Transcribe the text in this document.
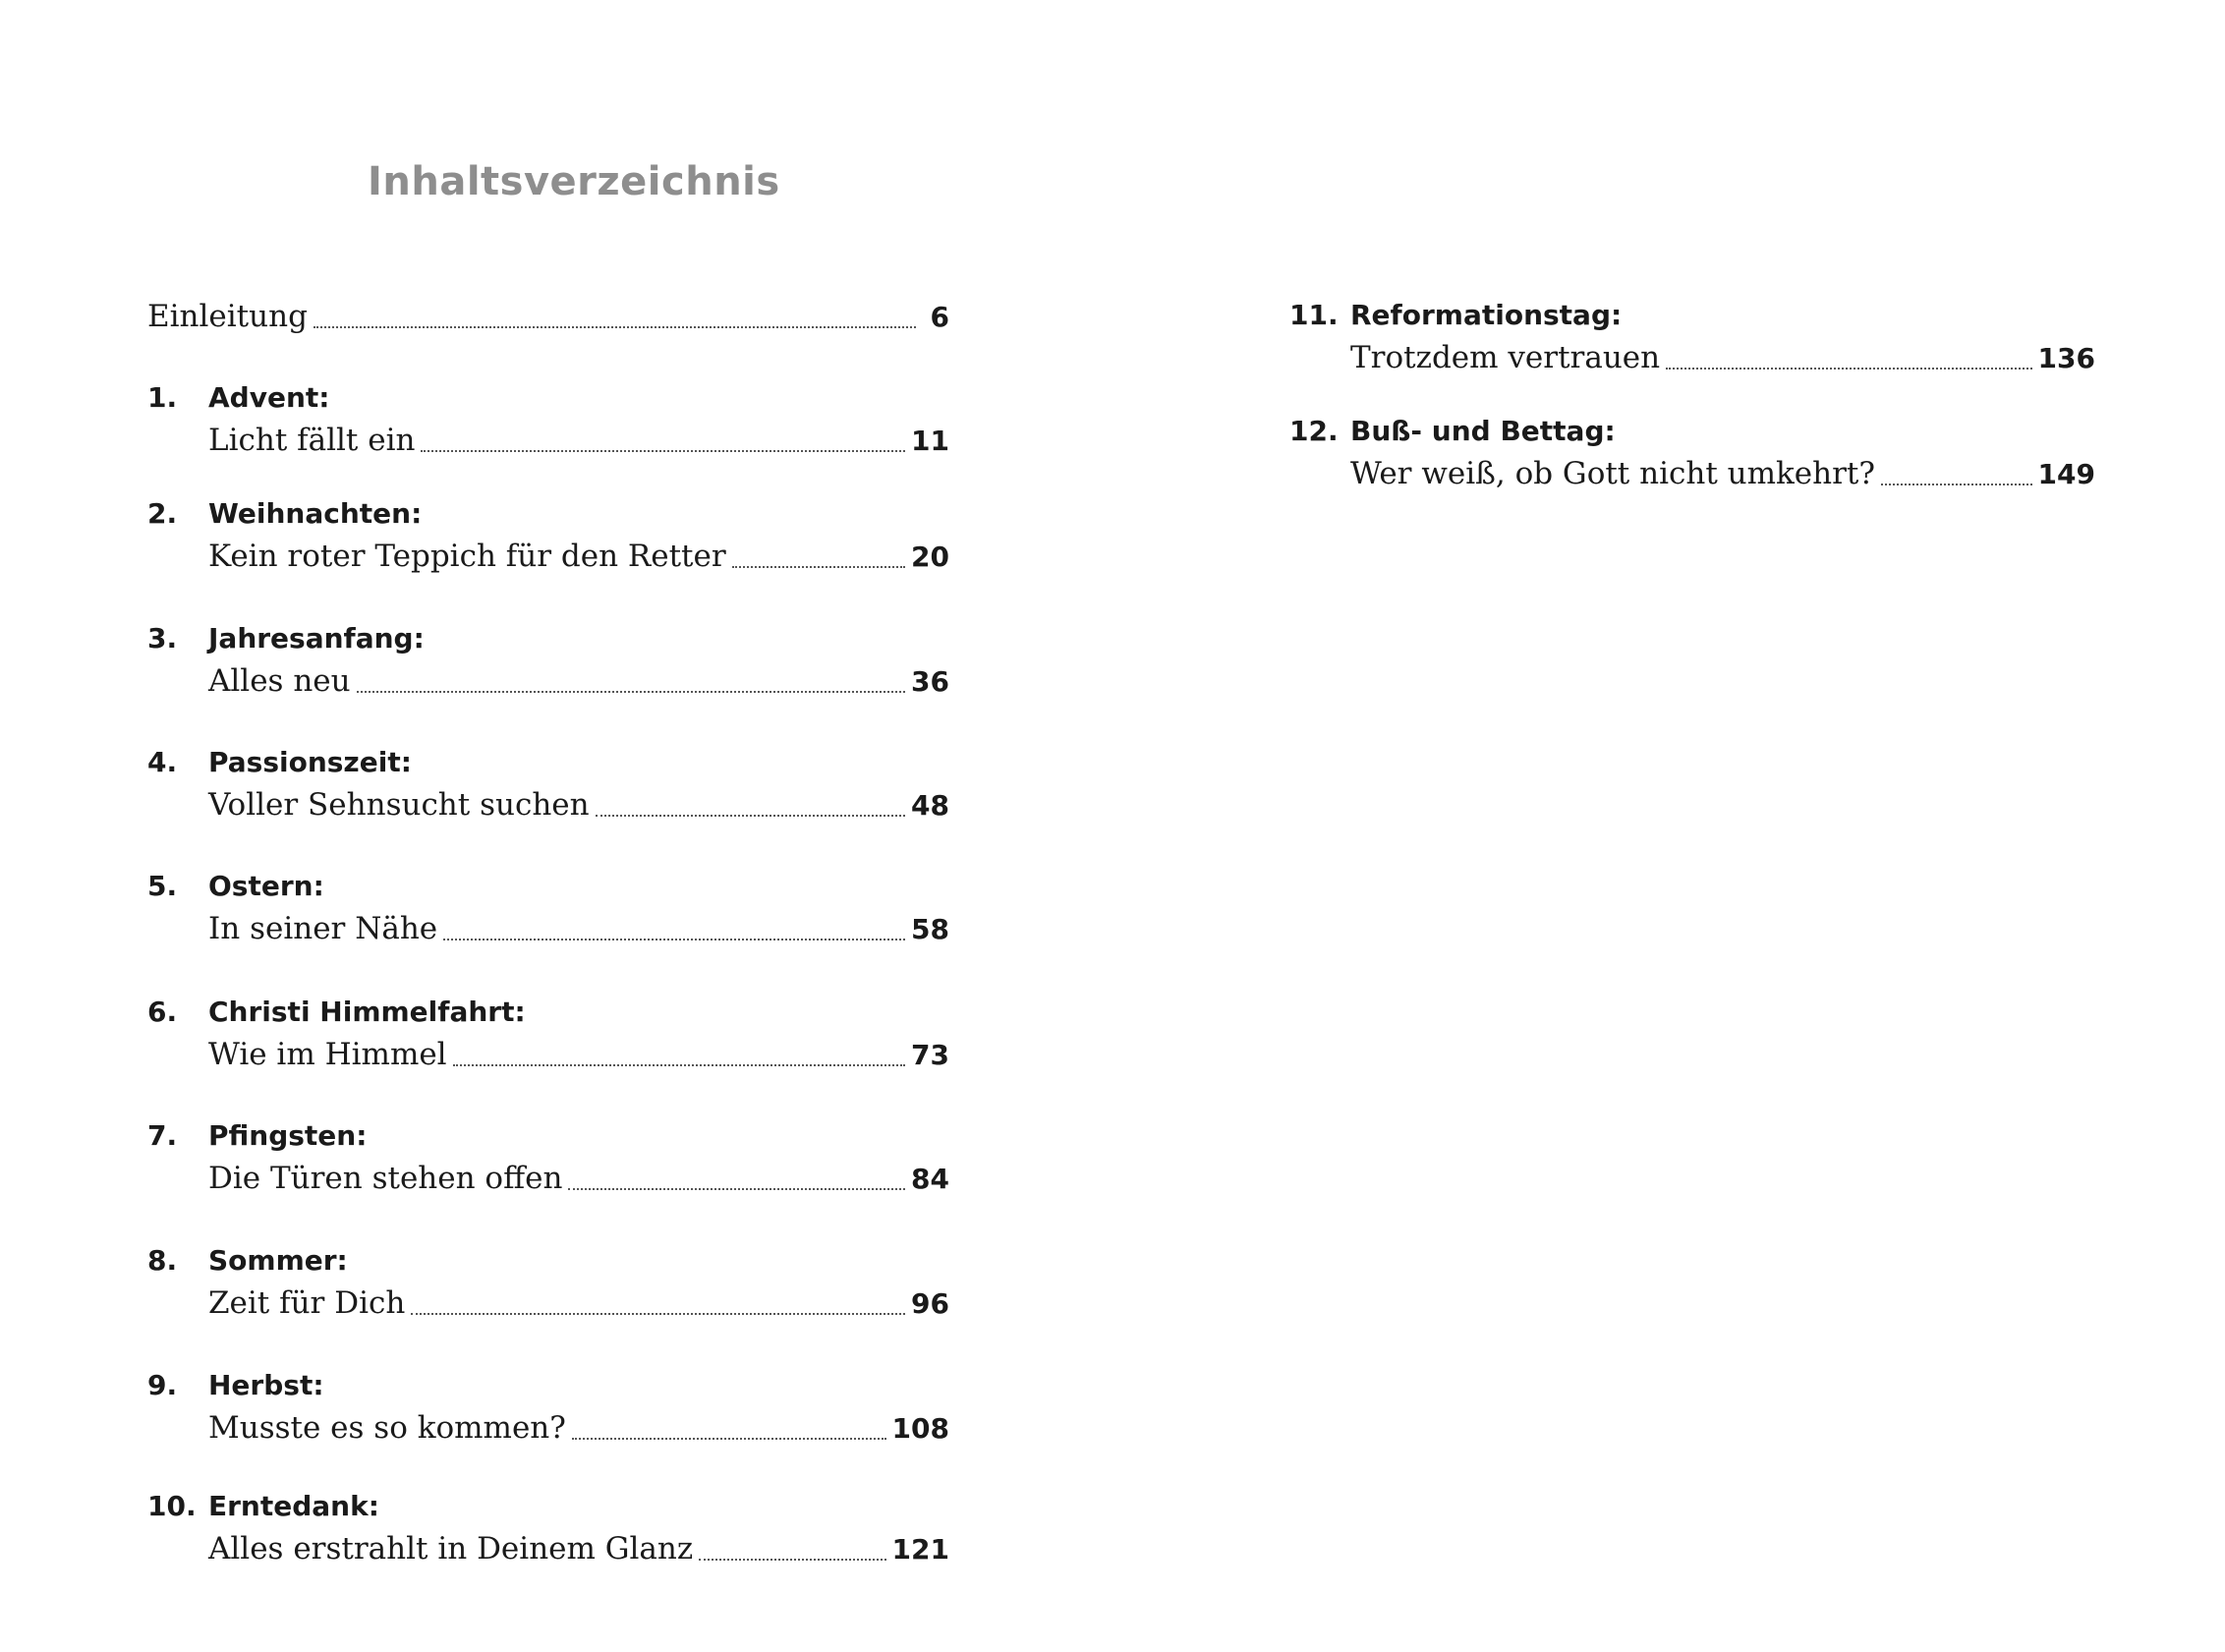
Inhaltsverzeichnis
Einleitung	6
1. Advent:
Licht fällt ein	11
2. Weihnachten:
Kein roter Teppich für den Retter	20
3. Jahresanfang:
Alles neu	36
4. Passionszeit:
Voller Sehnsucht suchen	48
5. Ostern:
In seiner Nähe	58
6. Christi Himmelfahrt:
Wie im Himmel	73
7. Pfingsten:
Die Türen stehen offen	84
8. Sommer:
Zeit für Dich	96
9. Herbst:
Musste es so kommen?	108
10. Erntedank:
Alles erstrahlt in Deinem Glanz	121
11. Reformationstag:
Trotzdem vertrauen	136
12. Buß- und Bettag:
Wer weiß, ob Gott nicht umkehrt?	149
